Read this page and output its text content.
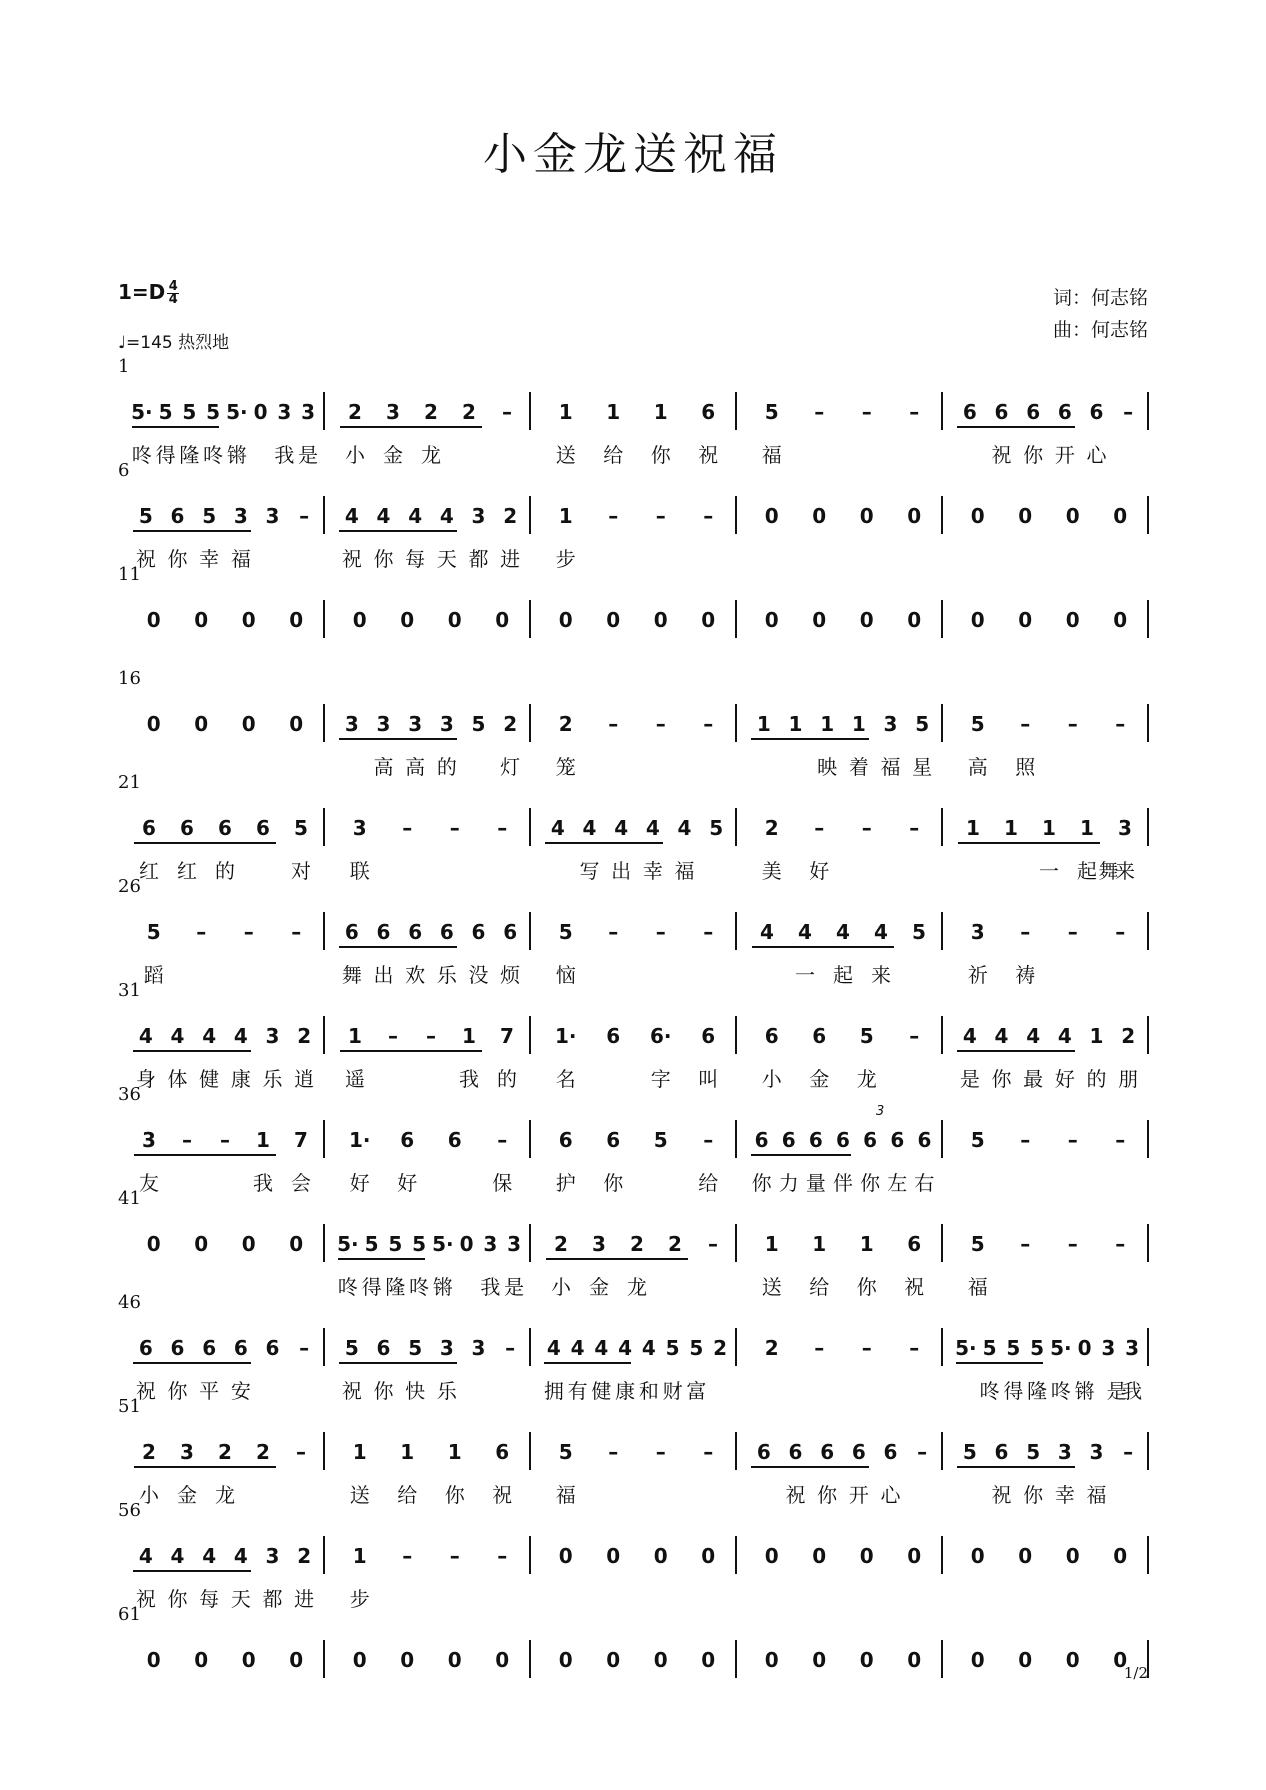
小金龙送祝福
$1=D \frac{4}{4}$
♩=145 热烈地
词：何志铭
曲：何志铭
1
5· 5 5 5 5· 0 3 3 2 3 2 2 – 1 1 1 6 5 – – – 6 6 6 6 6 –
咚 得 隆 咚 锵 我 是 小 金 龙	送 给 你 祝 福	祝 你 开 心
6
5 6 5 3 3 – 4 4 4 4 3 2 1 – – –	0 0 0 0 0 0 0 0
祝 你 幸 福	祝 你 每 天 都 进 步
11
0 0 0 0 0 0 0 0 0 0 0 0 0 0 0 0 0 0 0 0
16
0 0 0 0 3 3 3 3 5 2 2 – – – 1 1 1 1 3 5 5 – – –
高 高 的 灯 笼	映 着 福 星 高 照
21
6 6 6 6 5 3 – – – 4 4 4 4 4 5 2 – – – 1 1 1 1 3
红 红 的	对 联	写 出 幸 福	美 好	一 起 来
舞
26
5 – – – 6 6 6 6 6 6 5 – – – 4 4 4 4 5 3 – – –
蹈	舞 出 欢 乐 没 烦 恼	一 起 来	祈 祷
31
4 4 4 4 3 2 1 – – 1 7 1· 6 6· 6 6 6 5 – 4 4 4 4 1 2
身 体 健 康 乐 逍 遥	我 的 名	字 叫 小 金 龙	是 你 最 好 的 朋
36
3 – – 1 7 1· 6 6 –	6 6 5 – 6 6 6 6 6 6 6 5 – – –
友	我 会 好 好	保 护 你	给 你 力 量 伴 你 左 右
3
41
0 0 0 0 5· 5 5 5 5· 0 3 3 2 3 2 2 – 1 1 1 6 5 – – –
咚 得 隆 咚 锵 我 是 小 金 龙	送 给 你 祝 福
46
6 6 6 6 6 – 5 6 5 3 3 – 4 4 4 4 4 5 5 2 2 – – – 5· 5 5 5 5· 0 3 3
祝 你 平 安	祝 你 快 乐	拥 有 健 康 和 财 富	咚 得 隆 咚 锵 我
是
51
2 3 2 2 – 1 1 1 6 5 – – – 6 6 6 6 6 – 5 6 5 3 3 –
小 金 龙	送 给 你 祝 福	祝 你 开 心	祝 你 幸 福
56
4 4 4 4 3 2 1 – – –	0 0 0 0 0 0 0 0 0 0 0 0
祝 你 每 天 都 进 步
61
0 0 0 0 0 0 0 0 0 0 0 0 0 0 0 0 0 0 0 0
1/2
